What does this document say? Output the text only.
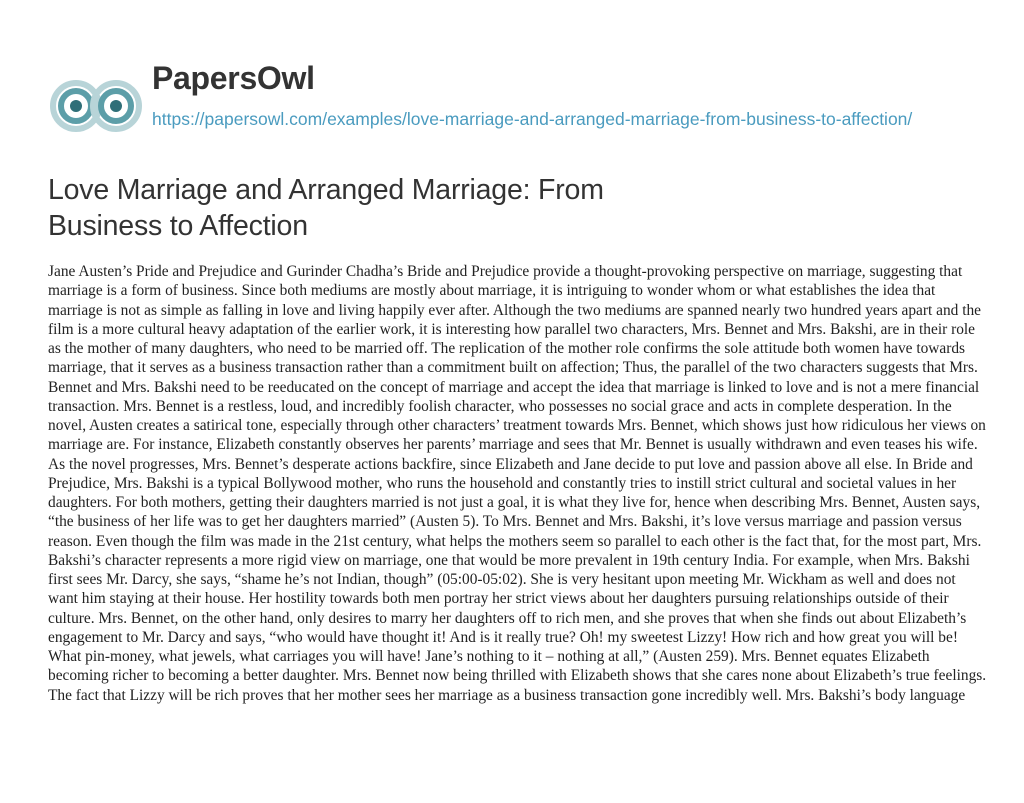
PapersOwl
https://papersowl.com/examples/love-marriage-and-arranged-marriage-from-business-to-affection/
Love Marriage and Arranged Marriage: From Business to Affection

Jane Austen’s Pride and Prejudice and Gurinder Chadha’s Bride and Prejudice provide a thought-provoking perspective on marriage, suggesting that marriage is a form of business. Since both mediums are mostly about marriage, it is intriguing to wonder whom or what establishes the idea that marriage is not as simple as falling in love and living happily ever after. Although the two mediums are spanned nearly two hundred years apart and the film is a more cultural heavy adaptation of the earlier work, it is interesting how parallel two characters, Mrs. Bennet and Mrs. Bakshi, are in their role as the mother of many daughters, who need to be married off. The replication of the mother role confirms the sole attitude both women have towards marriage, that it serves as a business transaction rather than a commitment built on affection; Thus, the parallel of the two characters suggests that Mrs. Bennet and Mrs. Bakshi need to be reeducated on the concept of marriage and accept the idea that marriage is linked to love and is not a mere financial transaction. Mrs. Bennet is a restless, loud, and incredibly foolish character, who possesses no social grace and acts in complete desperation. In the novel, Austen creates a satirical tone, especially through other characters’ treatment towards Mrs. Bennet, which shows just how ridiculous her views on marriage are. For instance, Elizabeth constantly observes her parents’ marriage and sees that Mr. Bennet is usually withdrawn and even teases his wife. As the novel progresses, Mrs. Bennet’s desperate actions backfire, since Elizabeth and Jane decide to put love and passion above all else. In Bride and Prejudice, Mrs. Bakshi is a typical Bollywood mother, who runs the household and constantly tries to instill strict cultural and societal values in her daughters. For both mothers, getting their daughters married is not just a goal, it is what they live for, hence when describing Mrs. Bennet, Austen says, “the business of her life was to get her daughters married” (Austen 5). To Mrs. Bennet and Mrs. Bakshi, it’s love versus marriage and passion versus reason. Even though the film was made in the 21st century, what helps the mothers seem so parallel to each other is the fact that, for the most part, Mrs. Bakshi’s character represents a more rigid view on marriage, one that would be more prevalent in 19th century India. For example, when Mrs. Bakshi first sees Mr. Darcy, she says, “shame he’s not Indian, though” (05:00-05:02). She is very hesitant upon meeting Mr. Wickham as well and does not want him staying at their house. Her hostility towards both men portray her strict views about her daughters pursuing relationships outside of their culture. Mrs. Bennet, on the other hand, only desires to marry her daughters off to rich men, and she proves that when she finds out about Elizabeth’s engagement to Mr. Darcy and says, “who would have thought it! And is it really true? Oh! my sweetest Lizzy! How rich and how great you will be! What pin-money, what jewels, what carriages you will have! Jane’s nothing to it – nothing at all,” (Austen 259). Mrs. Bennet equates Elizabeth becoming richer to becoming a better daughter. Mrs. Bennet now being thrilled with Elizabeth shows that she cares none about Elizabeth’s true feelings. The fact that Lizzy will be rich proves that her mother sees her marriage as a business transaction gone incredibly well. Mrs. Bakshi’s body language
